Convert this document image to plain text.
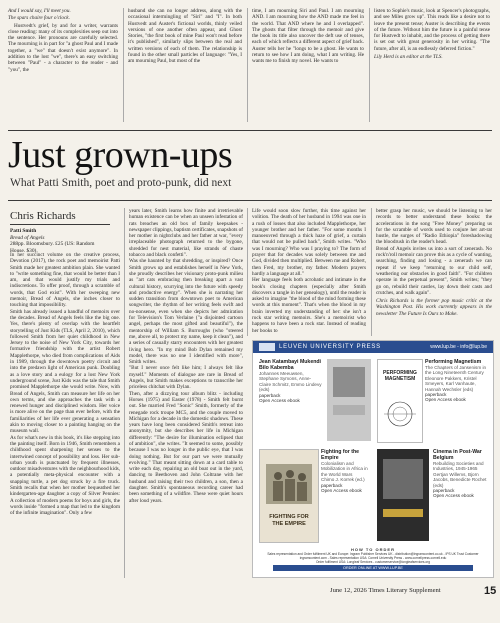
And I would say, I'll meet you.

The spars chaire four o'clock.

Hustvedt's grief, by and for a writer, warrants close reading: many of its complexities seep out into the sentence. Her pronouns are carefully selected. The mourning is in part for "a ghost Paul and I made together, a "we" that doesn't exist anymore". In addition to the lost "we", there's an easy switching between "Paul" - a character to the reader - and "you", the

husband she can no longer address, along with the occasional intermingling of "Siri" and "I". In both Hustvedt and Auster's fictional worlds, thinly veiled versions of one another often appear, and Ghost Stories, "the first book of mine Paul won't read before it's published", similarly slips between the real and written versions of each of them. The relationship is found in the other small particles of language: "Yes, I am mourning Paul, but most of the

time, I am mourning Siri and Paul. I am mourning AND. I am mourning how the AND made me feel in the world. That AND where he and I overlapped". The ghosts that filter through the memoir and give the book its title also uncover the deft use of tenses, each of which reflects a different aspect of grief back. Auster tells her he "longs to be a ghost. He wants to return to see how I am doing, what I am writing. He wants me to finish my novel. He wants to

listen to Sophie's music, look at Spencer's photographs, and see Miles grow up". This reads like a desire not to leave the present tense; Auster is describing the events of the future. Without him the future is a painful tense for Hustvedt to inhabit, and the process of getting there is set out with great generosity in her writing. "The future, after all, is an endlessly deferred fiction."

Lily Herd is an editor at the TLS.

Just grown-ups
What Patti Smith, poet and proto-punk, did next
Chris Richards
Patti Smith
Bread of Angels
288pp. Bloomsbury. £25 (US: Random House. $30).

In her succinct volume on the creative process, Devotion (2017), the rock poet and memoirist Patti Smith made her greatest ambition plain. She wanted to "write something fine, that would be better than I am, and that would justify my trials and indiscretions. To offer proof, through a scramble of words, that God exist". With her sweeping new memoir, Bread of Angels, she inches closer to touching that impossibility.
Smith has already issued a handful of memoirs over the decades. Bread of Angels feels like the big one. Yes, there's plenty of overlap with the heartfelt storytelling of Just Kids (TLS, April 2, 2010), which followed Smith from her quiet childhood in New Jersey to the noise of New York City, towards her formative friendship with the artist Robert Mapplethorpe, who died from complications of Aids in 1989, through the downtown poetry circuit and into the predawn light of American punk. Doubling as a love story and a eulogy for a lost New York underground scene, Just Kids was the tale that Smith promised Mapplethorpe she would write. Now, with Bread of Angels, Smith can measure her life on her own terms, and she approaches the task with a renewed hunger and disciplined wisdom. Her voice is more alive on the page than ever before, with the familiarities of her life ever generating a sensation akin to moving closer to a painting hanging on the museum wall.
As for what's new in this book, it's like stepping into the painting itself. Born in 1946, Smith remembers a childhood spent sharpening her senses to the intertwined concept of possibility and loss. Her sub-urban youth is punctuated by frequent illnesses, outdoor misadventures with the neighbourhood kids, a potentially meta-physical encounter with a snapping turtle, a pet dog struck by a fire truck. Smith recalls that when her mother bequeathed her kindergarten-age daughter a copy of Silver Pennies: A collection of modern poems for boys and girls, the words inside "formed a map that led to the kingdom of the infinite imagination". Only a few

years later, Smith learns how finite and irretrievable human existence can be when an unseen infestation of rats breaches an old box of family keepsakes - newspaper clippings, baptism certificates, snapshots of her mother in nightclubs and her father at war, "every irreplaceable photograph returned to the bygone, shredded for nest material, like strands of chaste tobacco and black confetti".
Was she haunted by that shredding, or inspired? Once Smith grows up and establishes herself in New York, she proudly describes her visionary proto-punk milieu as "art cats embracing then breaking apart a vast cultural history, scurrying into the future with speedy and productive energy". When she is narrating her sudden transition from downtown poet to American songwriter, the rhythm of her writing feels swift and no-nonsense, even when she depicts her admiration for Television's Tom Verlaine ("a disjointed cartoon angel, perhaps the most gifted and beautiful"), the mentorship of William S. Burroughs (who "steered me, above all, to protect my name, keep it clean"), and a series of casually starry encounters with her greatest living hero. "In my mind Bob Dylan remained my model, there was no one I identified with more", Smith writes.
"But I never once felt like him; I always felt like myself." Moments of dialogue are rare in Bread of Angels, but Smith makes exceptions to transcribe her priceless chitchat with Dylan.
Then, after a dizzying tour album blitz - including Horses (1975) and Easter (1978) - Smith felt burnt out. She married Fred "Sonic" Smith, formerly of the renegade rock troupe MC5, and the couple moved to Michigan for a decade in the domestic shadows. These years have long been considered Smith's retreat into anonymity, but she describes her life in Michigan differently: "The desire for illumination eclipsed that of ambition", she writes. "It seemed to some, possibly because I was no longer in the public eye, that I was doing nothing. But for our part we were mutually evolving." That meant sitting down at a card table to write each day, repairing an old boat out in the yard, dancing to Beethoven and John Coltrane with her husband and raising their two children, a son, then a daughter. Smith's spontaneous recording career had been something of a wildfire. These were quiet hours after loud years.

Life would soon slow further, this time against her volition. The death of her husband in 1994 was one in a rush of losses that also included Mapplethorpe, her younger brother and her father. "For some months I manoeuvred through a thick haze of grief, a curtain that would not be pulled back", Smith writes. "Who was I mourning? Who was I praying to? The form of prayer that for decades was solely between me and God, divided then multiplied. Between me and Robert, then Fred, my brother, my father. Modern prayers hardly a language at all."
Her language feels both acrobatic and intimate in the book's closing chapters (especially after Smith discovers a tangle in her genealogy), until the reader is asked to imagine "the blood of the mind forming these words at this moment". That's when the blood in my brain inverted my understanding of her: she isn't a rock star writing memoirs. She's a memoirist who happens to have been a rock star. Instead of reading her books to

better grasp her music, we should be listening to her records to better understand these books: the accelerations in the song "Free Money" preparing us for the scramble of words used to conjure her art-rat hustle, the surges of "Radio Ethiopia" foreshadowing the bloodrush in the reader's head.
Bread of Angels invites us into a sort of zenerash. No rock'n'roll memoir can prove this as a cycle of wanting, searching, finding and losing - a zenerash we can repeat if we keep "returning to our child self, weathering our obstacles in good faith". "For children operate in the perpetual present", Smith writes; "they go on, rebuild their castles, lay down their casts and crutches, and walk again".

Chris Richards is the former pop music critic at the Washington Post. His work currently appears in the newsletter The Future Is Ours to Make.

LEUVEN UNIVERSITY PRESS	www.lup.be - info@lup.be
Jean Katambayi Mukendi
Bilo Kabemba
Johannes Meeuwsen, Stephane Symons, Anne-Claire Schmitz, Emmo Lindevy (eds)
paperback
Open Access ebook
PERFORMING MAGNETISM
Performing Magnetism
The Chapters of Jansenism in the Long Nineteenth Century
Eleonore Pakkers, Kristel Smeyers, Karl Vanhaute, Hannah Wechsler (eds)
paperback
Open Access ebook
FIGHTING FOR THE EMPIRE
Fighting for the Empire
Colonialism and Mobilization in Africa in the World Wars
Chimo J. Korrek (ed.)
paperback
Open Access ebook
Cinema in Post-War Belgium
Rebuilding Societies and Industries, 1945-1965
Gertjan Willems, Bjorn Jacobs, Benedicte Rochet (eds)
paperback
Open Access ebook
HOW TO ORDER
Sales representation and Order fulfilment UK and Europe: Ingram Publisher Services UK - distribution@ingramcontent.co.uk - IPS UK Trust Customer
ingramcontent.com - Sales representation USA: Cornell University Press - www.cornellpress.cornell.edu
Order fulfilment USA: Longleaf Services - customerservice@longleafservices.org
ORDER ONLINE AT WWW.LUP.BE
June 12, 2026 Times Literary Supplement	15
